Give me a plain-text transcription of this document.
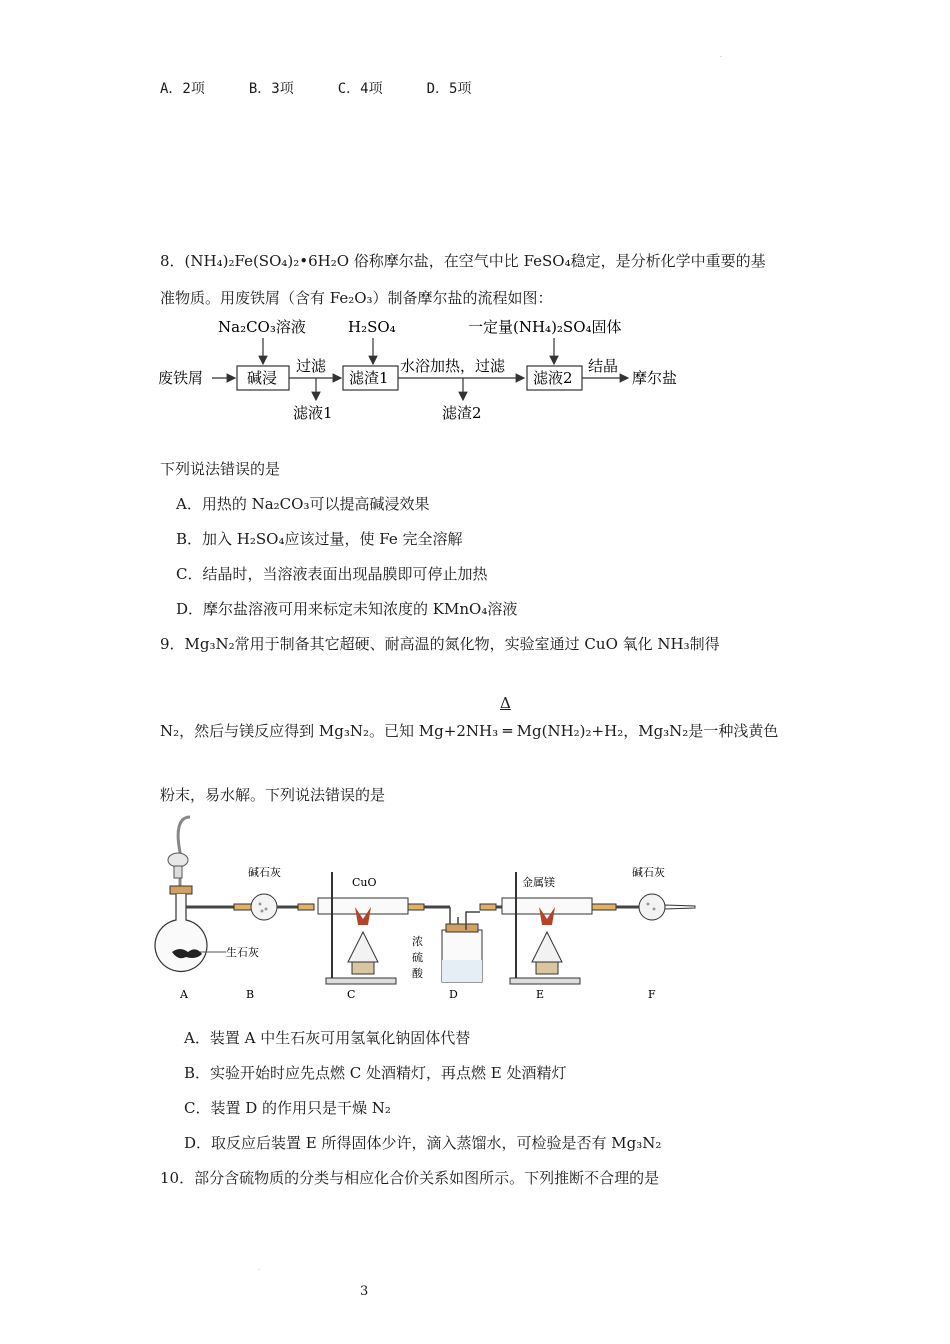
.
A．2项	B．3项	C．4项	D．5项
8．(NH₄)₂Fe(SO₄)₂•6H₂O 俗称摩尔盐，在空气中比 FeSO₄稳定，是分析化学中重要的基
准物质。用废铁屑（含有 Fe₂O₃）制备摩尔盐的流程如图：
Na₂CO₃溶液	H₂SO₄	一定量(NH₄)₂SO₄固体
废铁屑	碱浸
过滤
滤渣1
水浴加热，过滤
滤液2
结晶
摩尔盐
滤液1	滤渣2
下列说法错误的是
A．用热的 Na₂CO₃可以提高碱浸效果
B．加入 H₂SO₄应该过量，使 Fe 完全溶解
C．结晶时，当溶液表面出现晶膜即可停止加热
D．摩尔盐溶液可用来标定未知浓度的 KMnO₄溶液
9．Mg₃N₂常用于制备其它超硬、耐高温的氮化物，实验室通过 CuO 氧化 NH₃制得
Δ
N₂，然后与镁反应得到 Mg₃N₂。已知 Mg+2NH₃ ═ Mg(NH₂)₂+H₂，Mg₃N₂是一种浅黄色
粉末，易水解。下列说法错误的是
生石灰
碱石灰
CuO
浓
硫
酸
金属镁
碱石灰
A	B	C	D	E	F
A．装置 A 中生石灰可用氢氧化钠固体代替
B．实验开始时应先点燃 C 处酒精灯，再点燃 E 处酒精灯
C．装置 D 的作用只是干燥 N₂
D．取反应后装置 E 所得固体少许，滴入蒸馏水，可检验是否有 Mg₃N₂
10．部分含硫物质的分类与相应化合价关系如图所示。下列推断不合理的是
.
3
